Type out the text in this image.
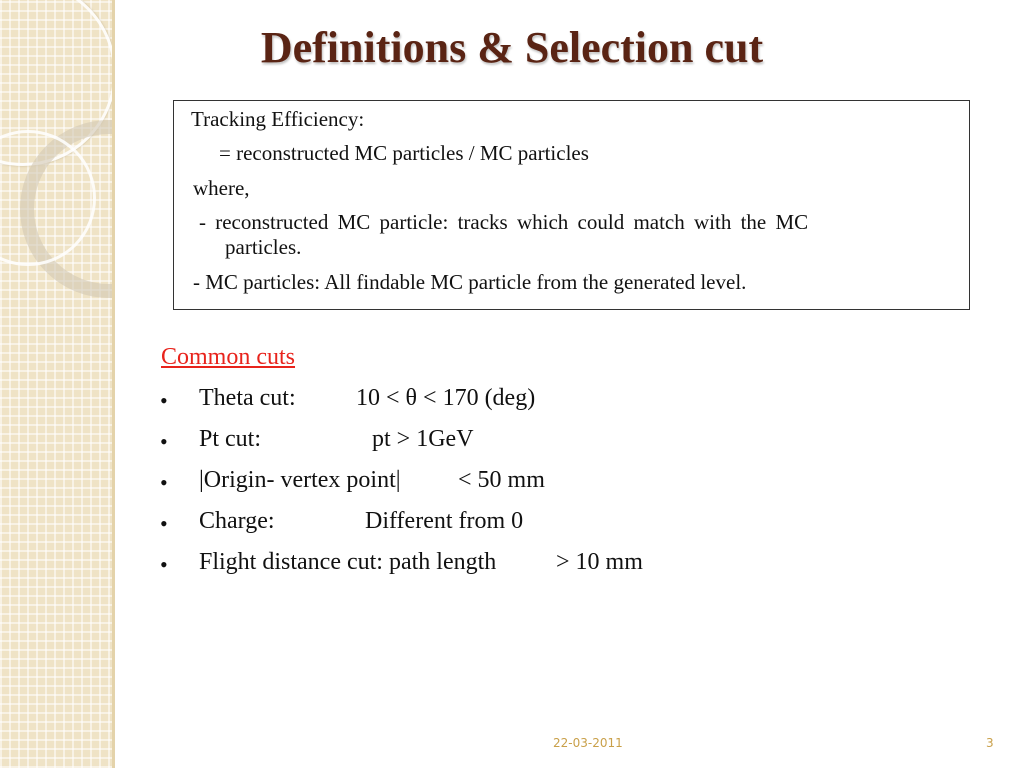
Definitions & Selection cut
Tracking Efficiency:
= reconstructed MC particles / MC particles
where,
- reconstructed MC particle: tracks which could match with the MC
particles.
- MC particles: All findable MC particle from the generated level.
Common cuts
• Theta cut:	10 < θ < 170 (deg)
• Pt cut:	pt > 1GeV
• |Origin- vertex point| < 50 mm
• Charge:	Different from 0
• Flight distance cut: path length > 10 mm
22-03-2011	3
